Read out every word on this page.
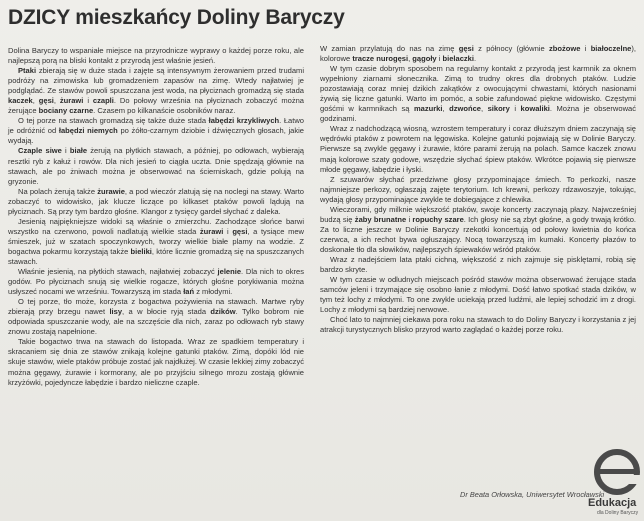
DZICY mieszkańcy Doliny Baryczy

Dolina Baryczy to wspaniałe miejsce na przyrodnicze wyprawy o każdej porze roku, ale najlepszą porą na bliski kontakt z przyrodą jest właśnie jesień.

Ptaki zbierają się w duże stada i zajęte są intensywnym żerowaniem przed trudami podróży na zimowiska lub gromadzeniem zapasów na zimę. Wtedy najłatwiej je podglądać. Ze stawów powoli spuszczana jest woda, na płyciznach gromadzą się stada kaczek, gęsi, żurawi i czapli. Do połowy września na płyciznach zobaczyć można żerujące bociany czarne. Czasem po kilkanaście osobników naraz.

O tej porze na stawach gromadzą się także duże stada łabędzi krzykliwych. Łatwo je odróżnić od łabędzi niemych po żółto-czarnym dziobie i dźwięcznych głosach, jakie wydają.

Czaple siwe i białe żerują na płytkich stawach, a później, po odłowach, wybierają resztki ryb z kałuż i rowów. Dla nich jesień to ciągła uczta. Dnie spędzają głównie na stawach, ale po żniwach można je obserwować na ścierniskach, gdzie polują na gryzonie.

Na polach żerują także żurawie, a pod wieczór zlatują się na noclegi na stawy. Warto zobaczyć to widowisko, jak klucze liczące po kilkaset ptaków powoli lądują na płyciznach. Są przy tym bardzo głośne. Klangor z tysięcy gardeł słychać z daleka.

Jesienią najpiękniejsze widoki są właśnie o zmierzchu. Zachodzące słońce barwi wszystko na czerwono, powoli nadlatują wielkie stada żurawi i gęsi, a tysiące mew śmieszek, już w szatach spoczynkowych, tworzy wielkie białe plamy na wodzie. Z bogactwa pokarmu korzystają także bieliki, które licznie gromadzą się na spuszczanych stawach.

Właśnie jesienią, na płytkich stawach, najłatwiej zobaczyć jelenie. Dla nich to okres godów. Po płyciznach snują się wielkie rogacze, których głośne porykiwania można usłyszeć nocami we wrześniu. Towarzyszą im stada łań z młodymi.

O tej porze, tło może, korzysta z bogactwa pożywienia na stawach. Martwe ryby zbierają przy brzegu nawet lisy, a w błocie ryją stada dzików. Tylko bobrom nie odpowiada spuszczanie wody, ale na szczęście dla nich, zaraz po odłowach ryb stawy znowu zostają napełnione.

Takie bogactwo trwa na stawach do listopada. Wraz ze spadkiem temperatury i skracaniem się dnia ze stawów znikają kolejne gatunki ptaków. Zimą, dopóki lód nie skuje stawów, wiele ptaków próbuje zostać jak najdłużej. W czasie lekkiej zimy zobaczyć można gęgawy, żurawie i kormorany, ale po przyjściu silnego mrozu zostają głównie krzyżówki, pojedyncze łabędzie i bardzo nieliczne czaple.

W zamian przylatują do nas na zimę gęsi z północy (głównie zbożowe i białoczelne), kolorowe tracze nurogęsi, gągoły i bielaczki.

W tym czasie dobrym sposobem na regularny kontakt z przyrodą jest karmnik za oknem wypełniony ziarnami słonecznika. Zimą to trudny okres dla drobnych ptaków. Ludzie pozostawiają coraz mniej dzikich zakątków z owocującymi chwastami, których nasionami żywią się liczne gatunki. Warto im pomóc, a sobie zafundować piękne widowisko. Częstymi gośćmi w karmnikach są mazurki, dzwońce, sikory i kowaliki. Można je obserwować godzinami.

Wraz z nadchodzącą wiosną, wzrostem temperatury i coraz dłuższym dniem zaczynają się wędrówki ptaków z powrotem na lęgowiska. Kolejne gatunki pojawiają się w Dolinie Baryczy. Pierwsze są zwykle gęgawy i żurawie, które parami żerują na polach. Samce kaczek znowu mają kolorowe szaty godowe, wszędzie słychać śpiew ptaków. Wkrótce pojawią się pierwsze młode gęgawy, łabędzie i łyski.

Z szuwarów słychać przedziwne głosy przypominające śmiech. To perkozki, nasze najmniejsze perkozy, ogłaszają zajęte terytorium. Ich krewni, perkozy rdzawoszyje, tokując, wydają głosy przypominające zwykle te dobiegające z chlewika.

Wieczorami, gdy milknie większość ptaków, swoje koncerty zaczynają płazy. Najwcześniej budzą się żaby brunatne i ropuchy szare. Ich głosy nie są zbyt głośne, a gody trwają krótko. Za to liczne jeszcze w Dolinie Baryczy rzekotki koncertują od połowy kwietnia do końca czerwca, a ich rechot bywa ogłuszający. Nocą towarzyszą im kumaki. Koncerty płazów to doskonałe tło dla słowików, najlepszych śpiewaków wśród ptaków.

Wraz z nadejściem lata ptaki cichną, większość z nich zajmuje się pisklętami, robią się bardzo skryte.

W tym czasie w odludnych miejscach pośród stawów można obserwować żerujące stada samców jeleni i trzymające się osobno łanie z młodymi. Dość łatwo spotkać stada dzików, w tym też lochy z młodymi. To one zwykle uciekają przed ludźmi, ale lepiej schodzić im z drogi. Lochy z młodymi są bardziej nerwowe.

Choć lato to najmniej ciekawa pora roku na stawach to do Doliny Baryczy i korzystania z jej atrakcji turystycznych blisko przyrod warto zaglądać o każdej porze roku.

Dr Beata Orłowska, Uniwersytet Wrocławski
Edukacja
dla Doliny Baryczy
